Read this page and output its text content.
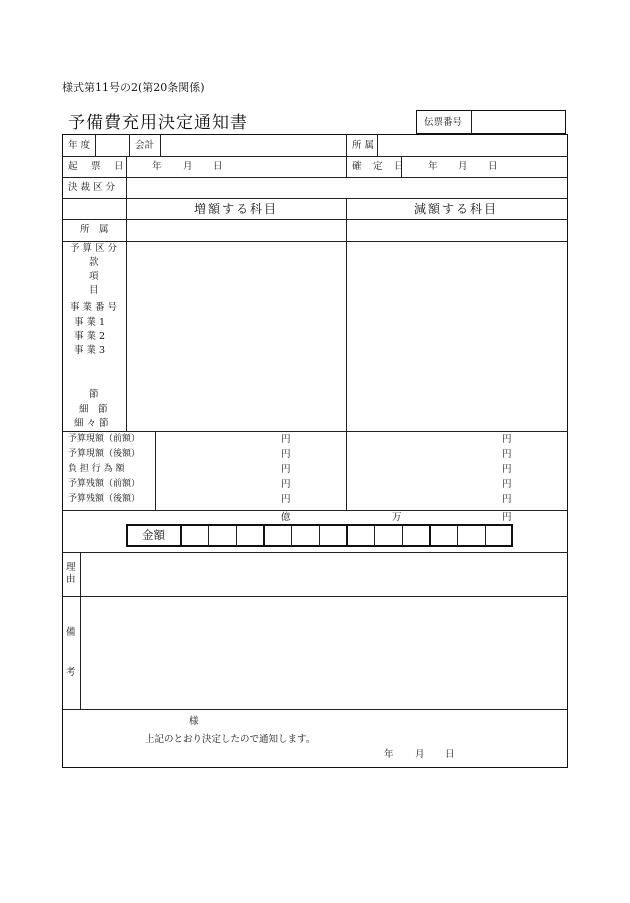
様式第11号の2(第20条関係)
予備費充用決定通知書	伝票番号
年 度	会計	所 属
起　票　日	年 月 日	確　定　日 年 月 日
決 裁 区 分
増額する科目	減額する科目
所　属
予 算 区 分
款
項
目
事 業 番 号
事 業 1
事 業 2
事 業 3
節
細　節
細 々 節
予算現額（前額）	円	円
予算現額（後額）	円	円
負 担 行 為 額	円	円
予算残額（前額）	円	円
予算残額（後額）	円	円
億	万	円
金額
理
由
備
考
様
上記のとおり決定したので通知します。
年 月 日
